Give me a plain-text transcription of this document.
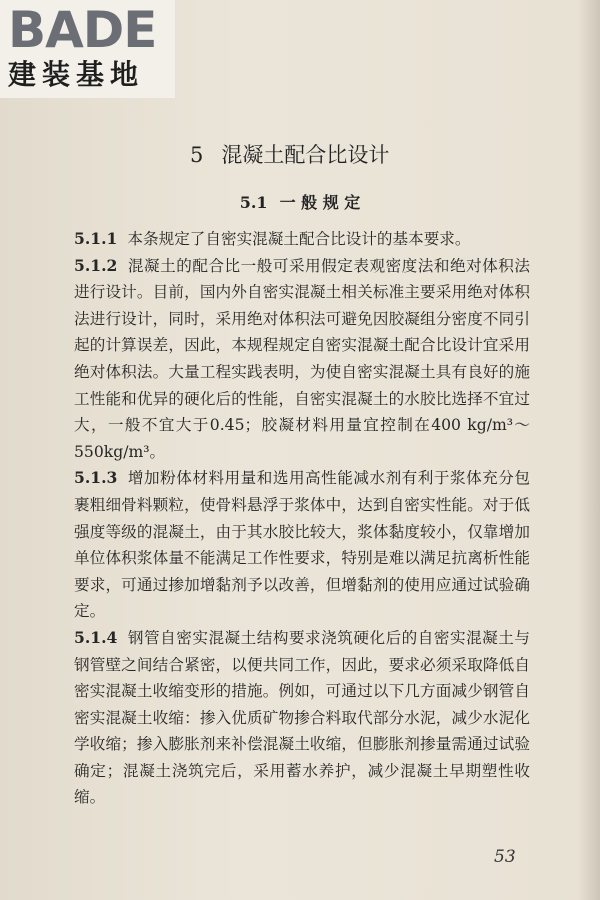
BADE
建装基地
5 混凝土配合比设计
5.1 一 般 规 定

5.1.1 本条规定了自密实混凝土配合比设计的基本要求。

5.1.2 混凝土的配合比一般可采用假定表观密度法和绝对体积法进行设计。目前，国内外自密实混凝土相关标准主要采用绝对体积法进行设计，同时，采用绝对体积法可避免因胶凝组分密度不同引起的计算误差，因此，本规程规定自密实混凝土配合比设计宜采用绝对体积法。大量工程实践表明，为使自密实混凝土具有良好的施工性能和优异的硬化后的性能，自密实混凝土的水胶比选择不宜过大，一般不宜大于0.45；胶凝材料用量宜控制在400 kg/m³～550kg/m³。

5.1.3 增加粉体材料用量和选用高性能减水剂有利于浆体充分包裹粗细骨料颗粒，使骨料悬浮于浆体中，达到自密实性能。对于低强度等级的混凝土，由于其水胶比较大，浆体黏度较小，仅靠增加单位体积浆体量不能满足工作性要求，特别是难以满足抗离析性能要求，可通过掺加增黏剂予以改善，但增黏剂的使用应通过试验确定。

5.1.4 钢管自密实混凝土结构要求浇筑硬化后的自密实混凝土与钢管壁之间结合紧密，以便共同工作，因此，要求必须采取降低自密实混凝土收缩变形的措施。例如，可通过以下几方面减少钢管自密实混凝土收缩：掺入优质矿物掺合料取代部分水泥，减少水泥化学收缩；掺入膨胀剂来补偿混凝土收缩，但膨胀剂掺量需通过试验确定；混凝土浇筑完后，采用蓄水养护，减少混凝土早期塑性收缩。

53
